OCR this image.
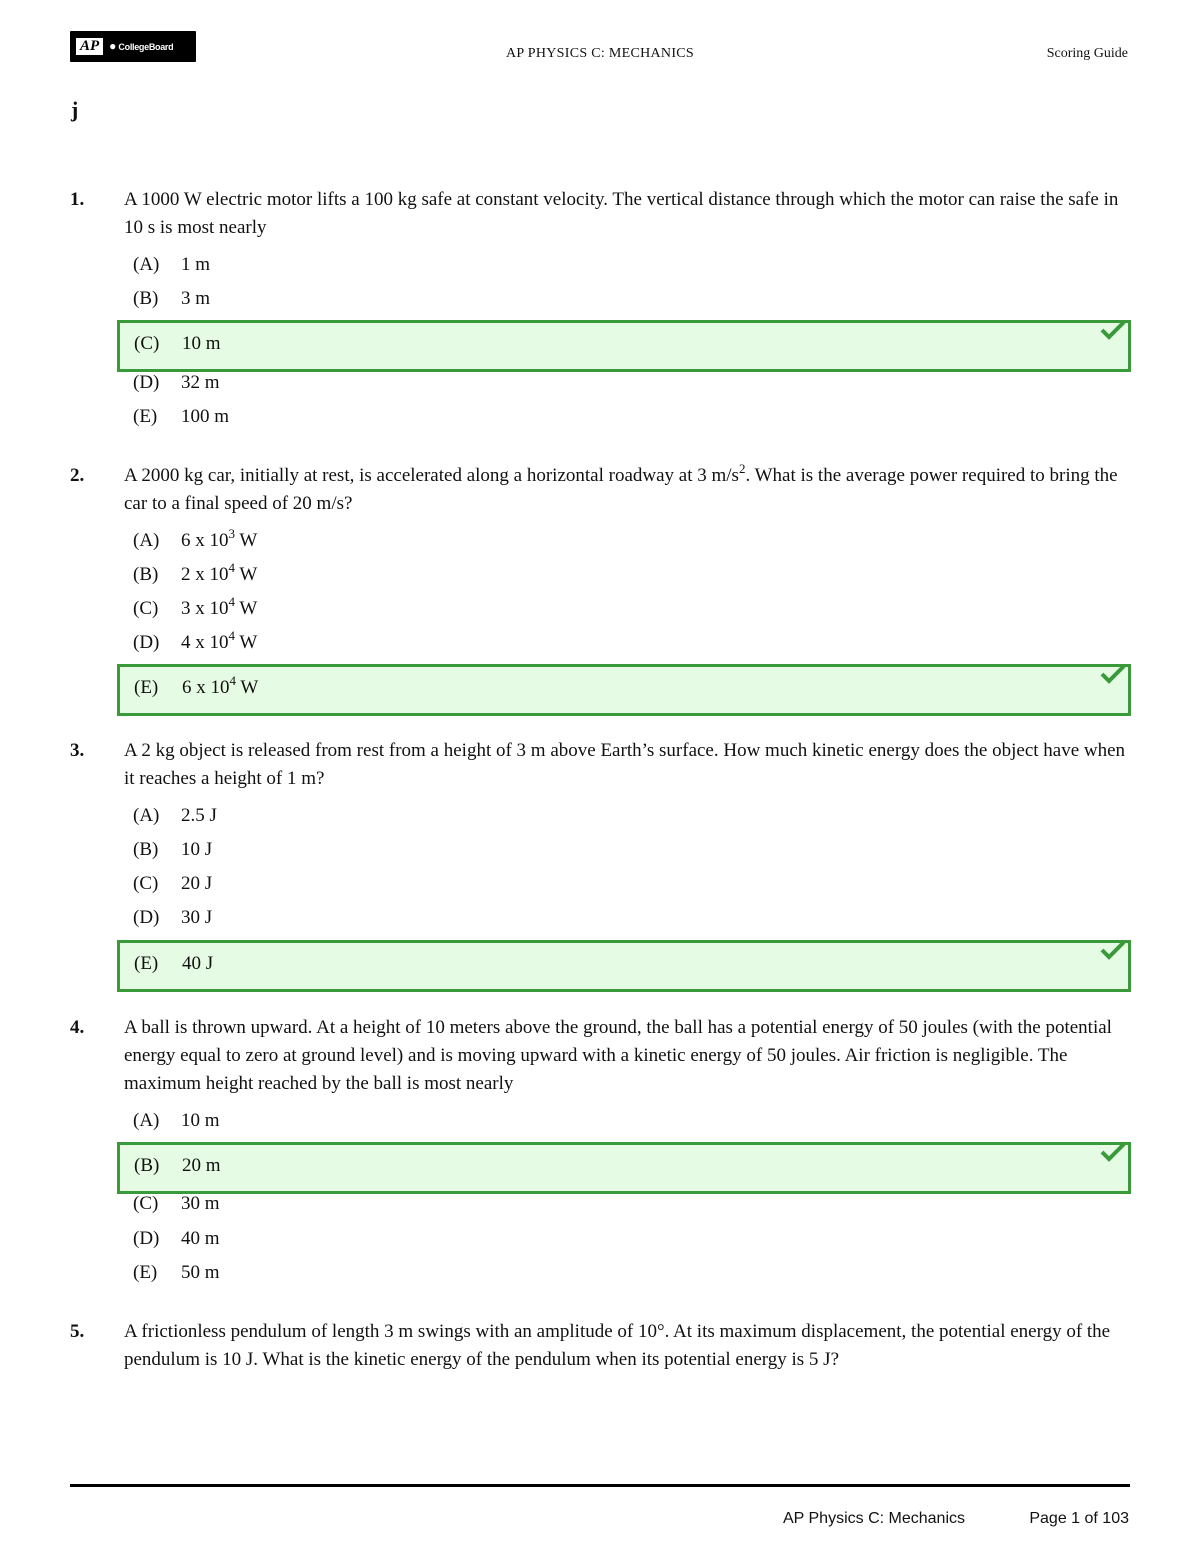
AP ● CollegeBoard	AP PHYSICS C: MECHANICS	Scoring Guide
j
1. A 1000 W electric motor lifts a 100 kg safe at constant velocity. The vertical distance through which the motor can raise the safe in 10 s is most nearly
(A) 1 m
(B) 3 m
(C) 10 m
(D) 32 m
(E) 100 m
2. A 2000 kg car, initially at rest, is accelerated along a horizontal roadway at 3 $m/s^2$. What is the average power required to bring the car to a final speed of 20 m/s?
(A) 6 x $10^3$ W
(B) 2 x $10^4$ W
(C) 3 x $10^4$ W
(D) 4 x $10^4$ W
(E) 6 x $10^4$ W
3. A 2 kg object is released from rest from a height of 3 m above Earth’s surface. How much kinetic energy does the object have when it reaches a height of 1 m?
(A) 2.5 J
(B) 10 J
(C) 20 J
(D) 30 J
(E) 40 J
4. A ball is thrown upward. At a height of 10 meters above the ground, the ball has a potential energy of 50 joules (with the potential energy equal to zero at ground level) and is moving upward with a kinetic energy of 50 joules. Air friction is negligible. The maximum height reached by the ball is most nearly
(A) 10 m
(B) 20 m
(C) 30 m
(D) 40 m
(E) 50 m
5. A frictionless pendulum of length 3 m swings with an amplitude of 10°. At its maximum displacement, the potential energy of the pendulum is 10 J. What is the kinetic energy of the pendulum when its potential energy is 5 J?
AP Physics C: Mechanics	Page 1 of 103
